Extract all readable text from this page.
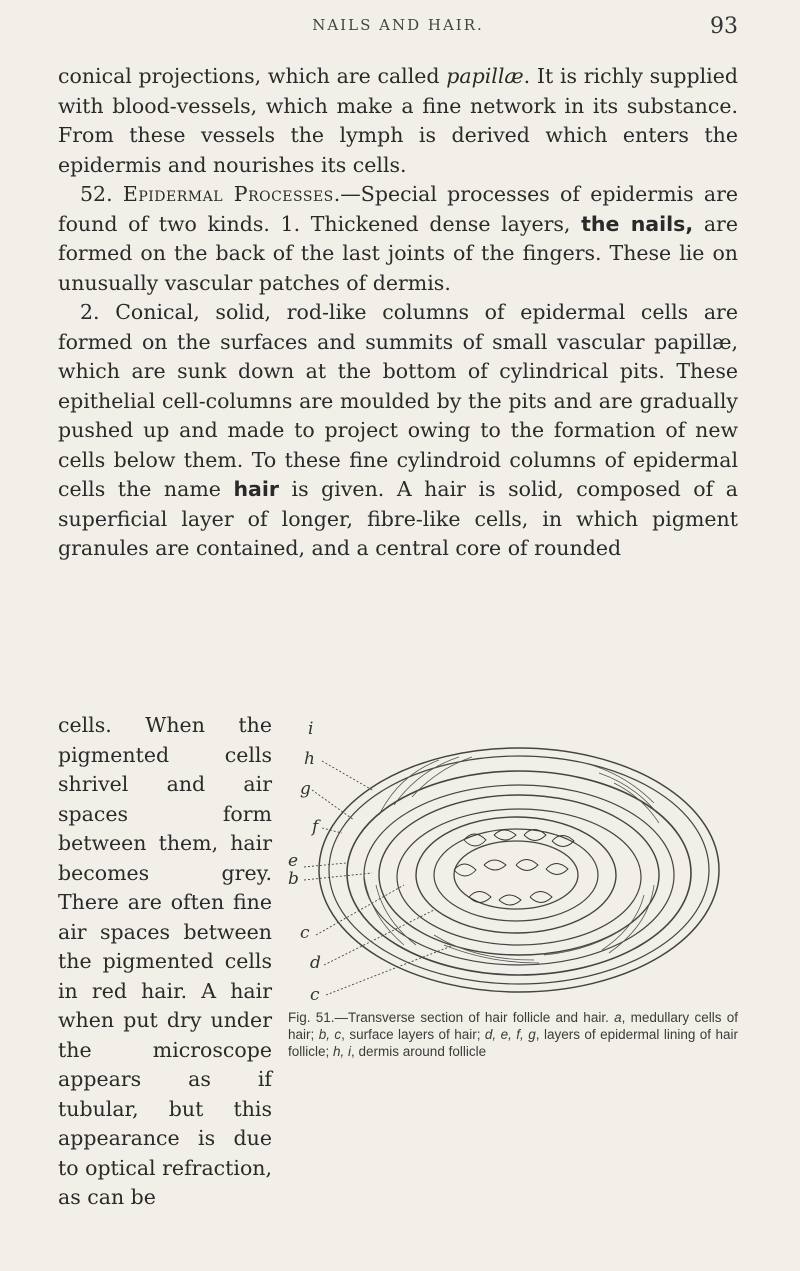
NAILS AND HAIR.	93

conical projections, which are called papillæ. It is richly supplied with blood-vessels, which make a fine network in its substance. From these vessels the lymph is derived which enters the epidermis and nourishes its cells.

52. Epidermal Processes.—Special processes of epidermis are found of two kinds. 1. Thickened dense layers, the nails, are formed on the back of the last joints of the fingers. These lie on unusually vascular patches of dermis.

2. Conical, solid, rod-like columns of epidermal cells are formed on the surfaces and summits of small vascular papillæ, which are sunk down at the bottom of cylindrical pits. These epithelial cell-columns are moulded by the pits and are gradually pushed up and made to project owing to the formation of new cells below them. To these fine cylindroid columns of epidermal cells the name hair is given. A hair is solid, composed of a superficial layer of longer, fibre-like cells, in which pigment granules are contained, and a central core of rounded

cells. When the pigmented cells shrivel and air spaces form between them, hair becomes grey. There are often fine air spaces between the pigmented cells in red hair. A hair when put dry under the microscope appears as if tubular, but this appearance is due to optical refraction, as can be
i
h
g
e
f
b
c
d
c
Fig. 51.—Transverse section of hair follicle and hair. a, medullary cells of hair; b, c, surface layers of hair; d, e, f, g, layers of epidermal lining of hair follicle; h, i, dermis around follicle
